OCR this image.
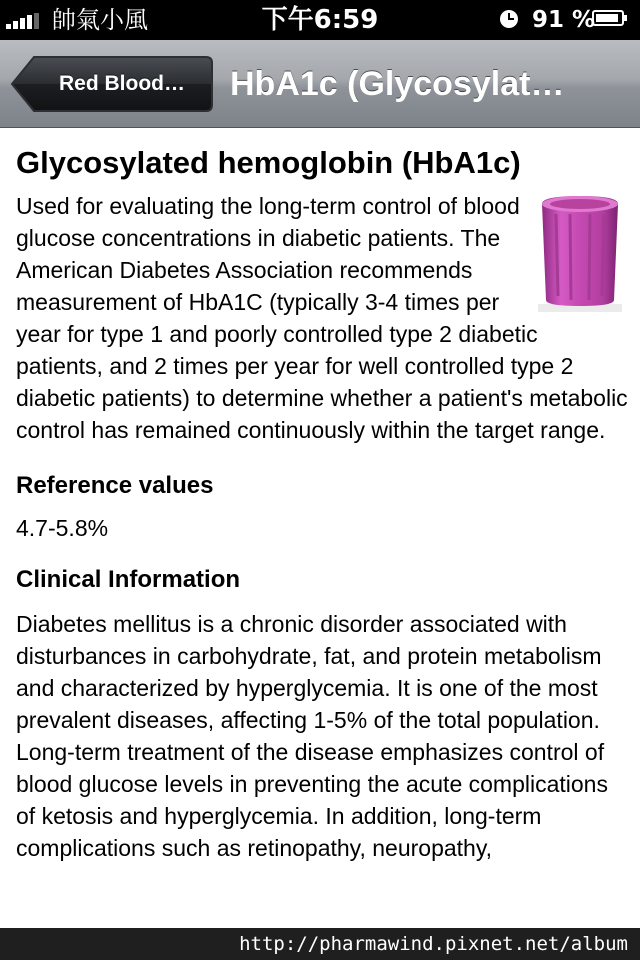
帥氣小風	下午6:59	91 %
Red Blood…	HbA1c (Glycosylat…
Glycosylated hemoglobin (HbA1c)

Used for evaluating the long-term control of blood glucose concentrations in diabetic patients. The American Diabetes Association recommends measurement of HbA1C (typically 3-4 times per year for type 1 and poorly controlled type 2 diabetic patients, and 2 times per year for well controlled type 2 diabetic patients) to determine whether a patient's metabolic control has remained continuously within the target range.

Reference values

4.7-5.8%

Clinical Information

Diabetes mellitus is a chronic disorder associated with disturbances in carbohydrate, fat, and protein metabolism and characterized by hyperglycemia. It is one of the most prevalent diseases, affecting 1-5% of the total population. Long-term treatment of the disease emphasizes control of blood glucose levels in preventing the acute complications of ketosis and hyperglycemia. In addition, long-term complications such as retinopathy, neuropathy,

http://pharmawind.pixnet.net/album
